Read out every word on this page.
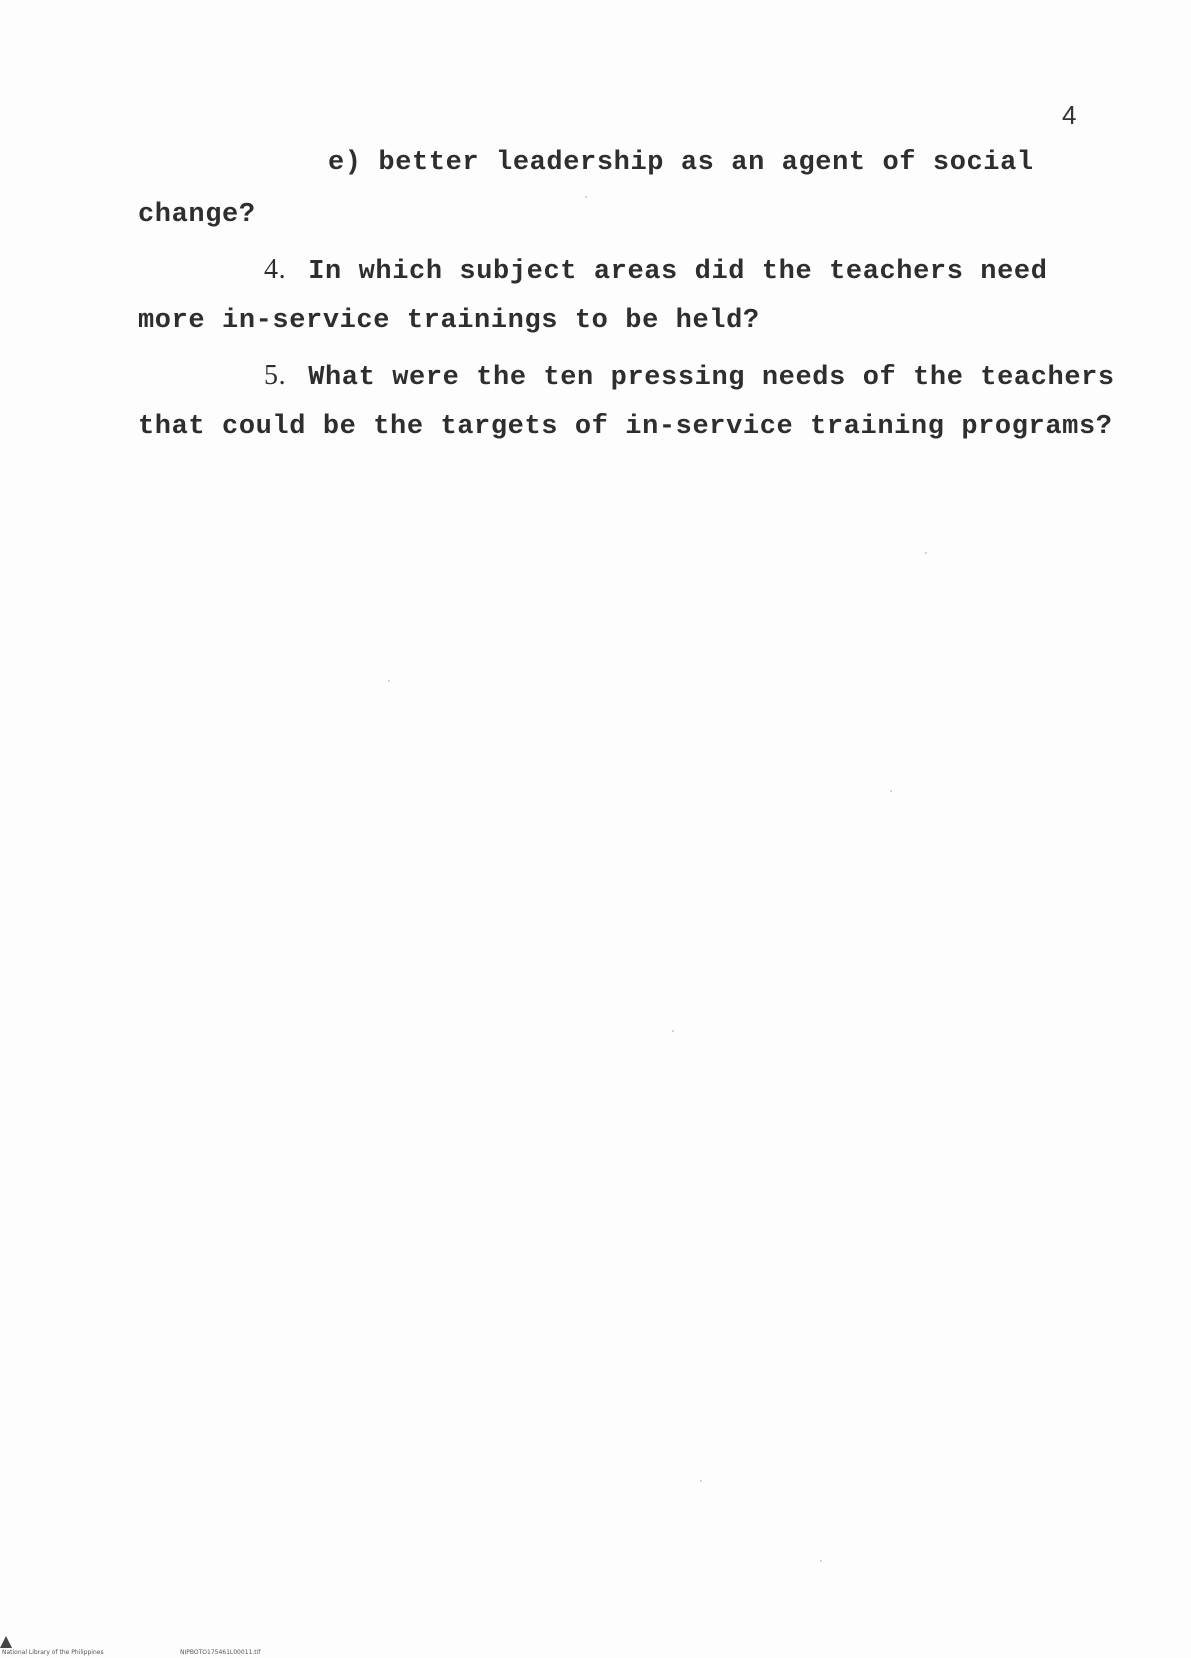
4
e) better leadership as an agent of social
change?
4. In which subject areas did the teachers need
more in-service trainings to be held?
5. What were the ten pressing needs of the teachers
that could be the targets of in-service training programs?
National Library of the Philippines	NIPBOTO175461L00011.tif
